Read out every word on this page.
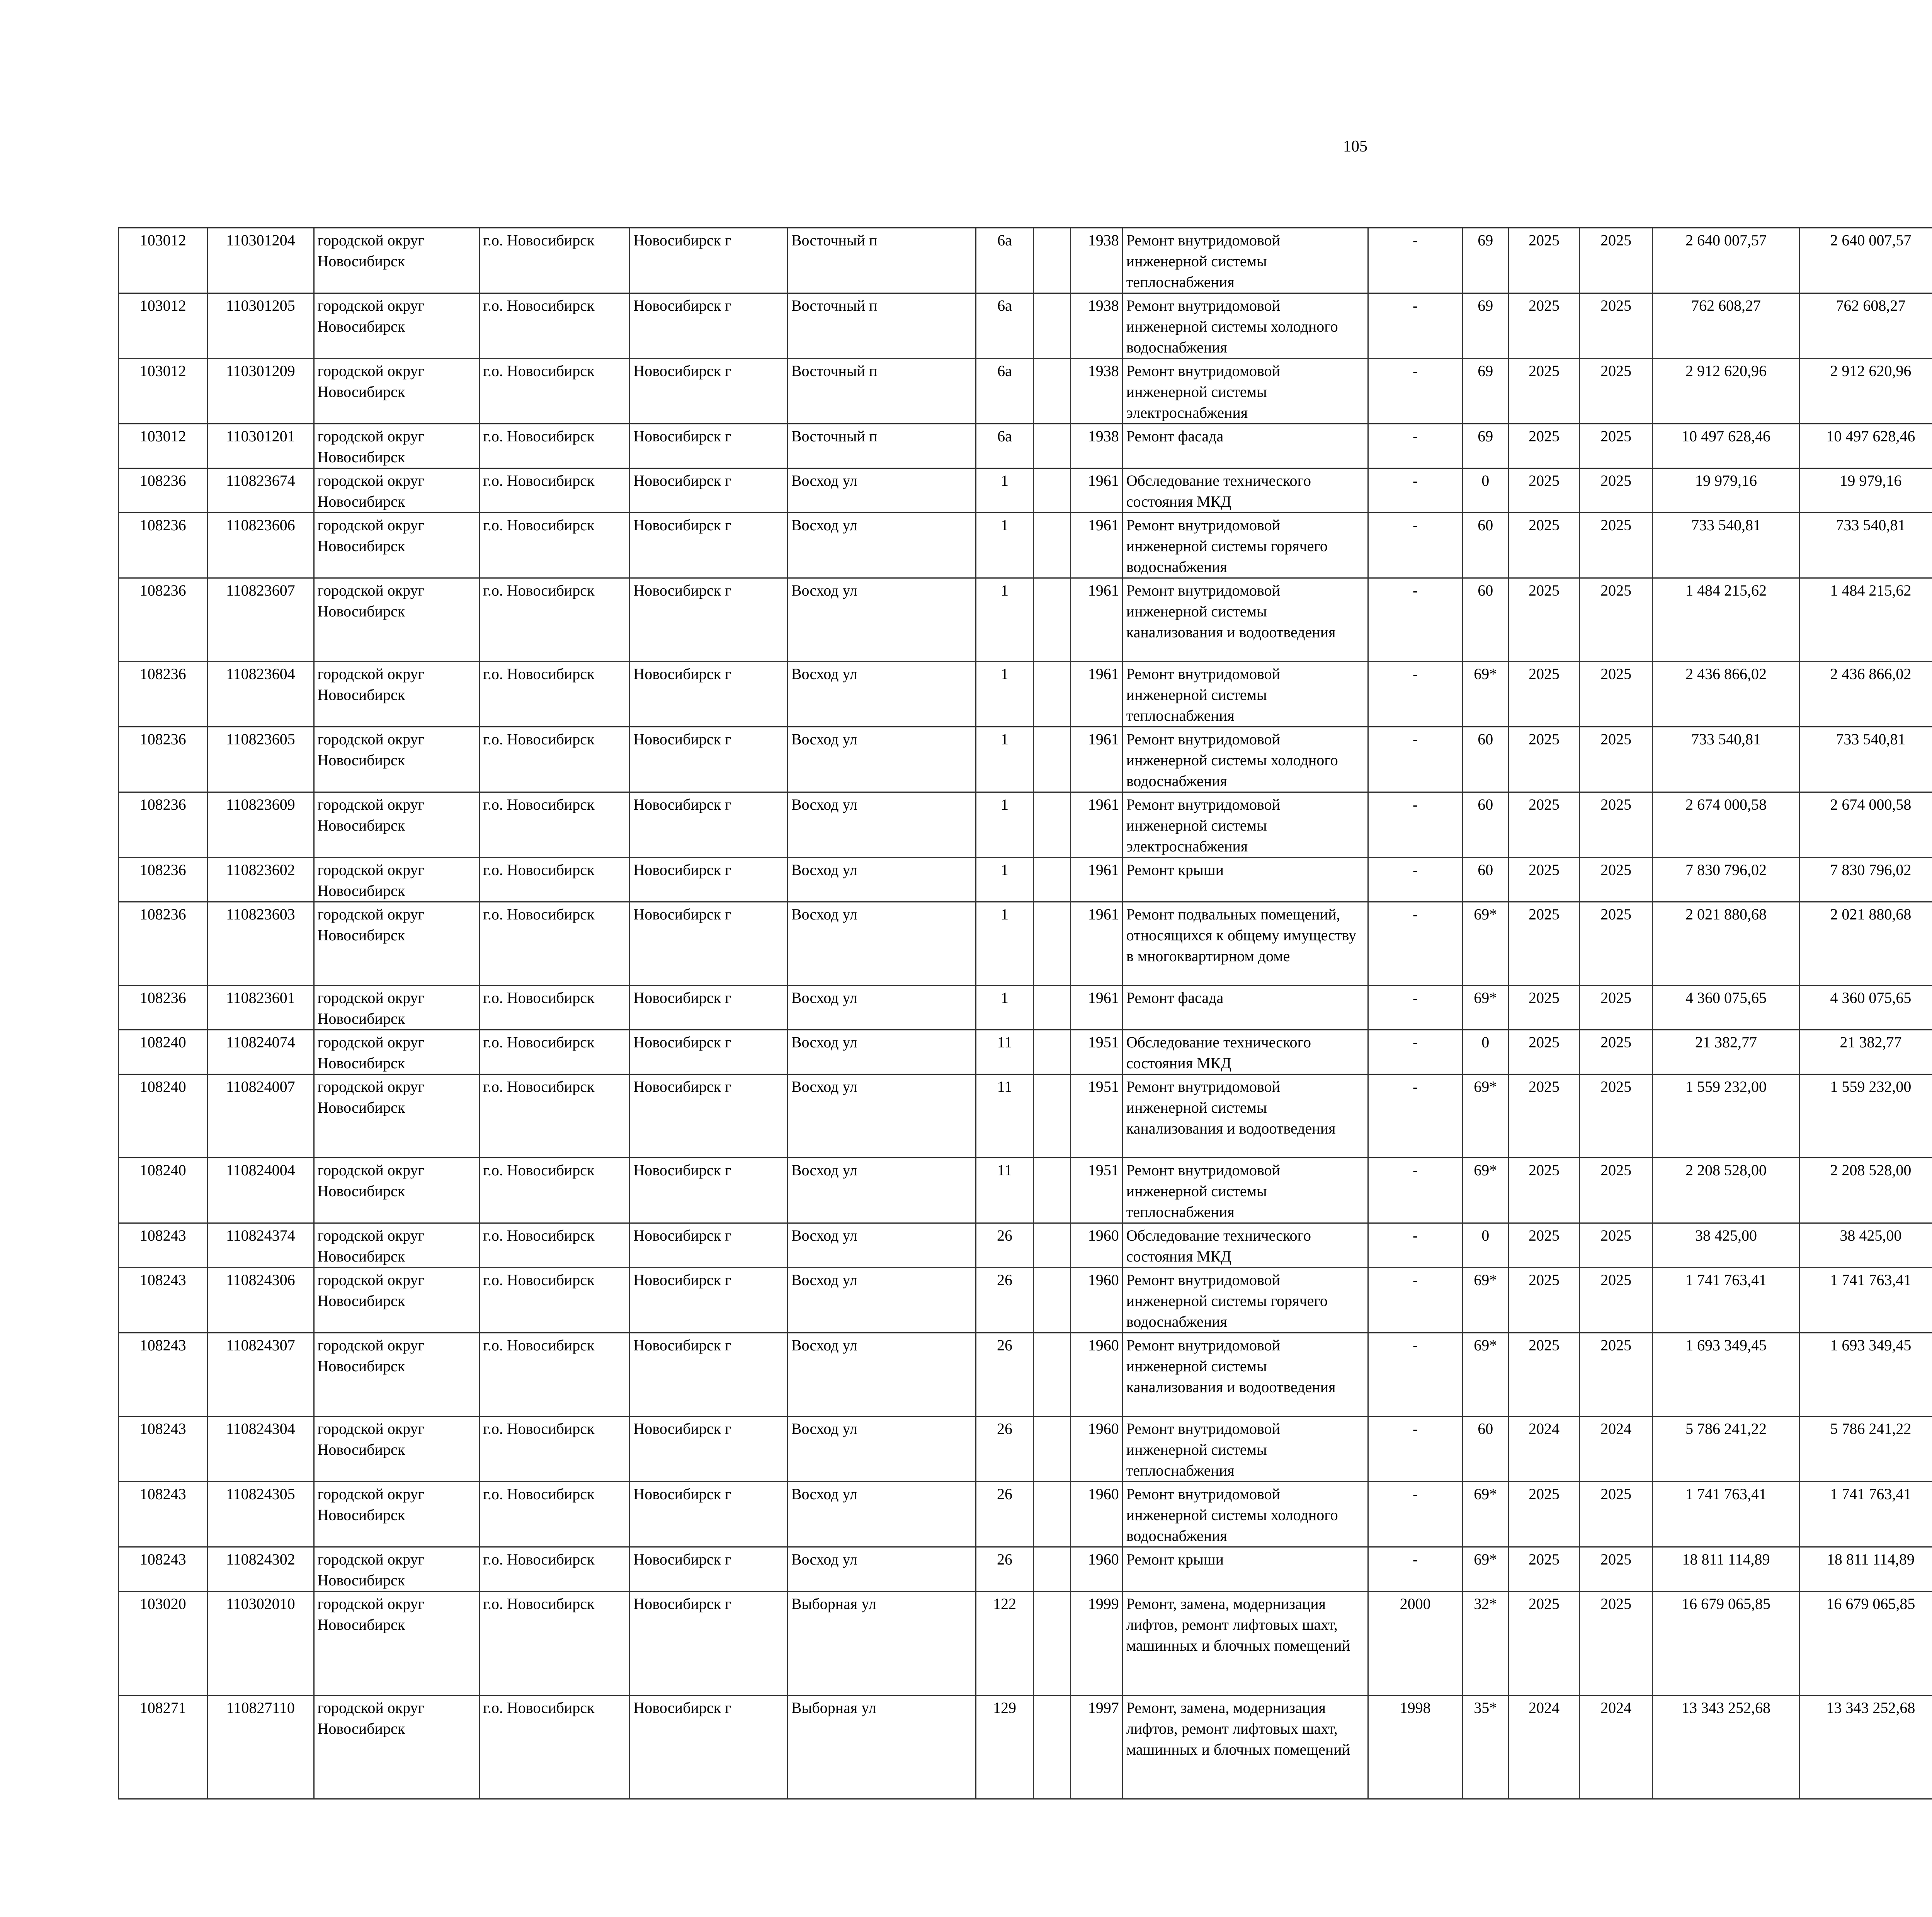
105
103012	110301204	городской округ Новосибирск	г.о. Новосибирск	Новосибирск г	Восточный п	6а		1938	Ремонт внутридомовой инженерной системы теплоснабжения	-	69	2025	2025	2 640 007,57	2 640 007,57						
103012	110301205	городской округ Новосибирск	г.о. Новосибирск	Новосибирск г	Восточный п	6а		1938	Ремонт внутридомовой инженерной системы холодного водоснабжения	-	69	2025	2025	762 608,27	762 608,27						
103012	110301209	городской округ Новосибирск	г.о. Новосибирск	Новосибирск г	Восточный п	6а		1938	Ремонт внутридомовой инженерной системы электроснабжения	-	69	2025	2025	2 912 620,96	2 912 620,96						
103012	110301201	городской округ Новосибирск	г.о. Новосибирск	Новосибирск г	Восточный п	6а		1938	Ремонт фасада	-	69	2025	2025	10 497 628,46	10 497 628,46						
108236	110823674	городской округ Новосибирск	г.о. Новосибирск	Новосибирск г	Восход ул	1		1961	Обследование технического состояния МКД	-	0	2025	2025	19 979,16	19 979,16						
108236	110823606	городской округ Новосибирск	г.о. Новосибирск	Новосибирск г	Восход ул	1		1961	Ремонт внутридомовой инженерной системы горячего водоснабжения	-	60	2025	2025	733 540,81	733 540,81						
108236	110823607	городской округ Новосибирск	г.о. Новосибирск	Новосибирск г	Восход ул	1		1961	Ремонт внутридомовой инженерной системы канализования и водоотведения	-	60	2025	2025	1 484 215,62	1 484 215,62						
108236	110823604	городской округ Новосибирск	г.о. Новосибирск	Новосибирск г	Восход ул	1		1961	Ремонт внутридомовой инженерной системы теплоснабжения	-	69*	2025	2025	2 436 866,02	2 436 866,02						
108236	110823605	городской округ Новосибирск	г.о. Новосибирск	Новосибирск г	Восход ул	1		1961	Ремонт внутридомовой инженерной системы холодного водоснабжения	-	60	2025	2025	733 540,81	733 540,81						
108236	110823609	городской округ Новосибирск	г.о. Новосибирск	Новосибирск г	Восход ул	1		1961	Ремонт внутридомовой инженерной системы электроснабжения	-	60	2025	2025	2 674 000,58	2 674 000,58						
108236	110823602	городской округ Новосибирск	г.о. Новосибирск	Новосибирск г	Восход ул	1		1961	Ремонт крыши	-	60	2025	2025	7 830 796,02	7 830 796,02						
108236	110823603	городской округ Новосибирск	г.о. Новосибирск	Новосибирск г	Восход ул	1		1961	Ремонт подвальных помещений, относящихся к общему имуществу в многоквартирном доме	-	69*	2025	2025	2 021 880,68	2 021 880,68						
108236	110823601	городской округ Новосибирск	г.о. Новосибирск	Новосибирск г	Восход ул	1		1961	Ремонт фасада	-	69*	2025	2025	4 360 075,65	4 360 075,65						
108240	110824074	городской округ Новосибирск	г.о. Новосибирск	Новосибирск г	Восход ул	11		1951	Обследование технического состояния МКД	-	0	2025	2025	21 382,77	21 382,77						
108240	110824007	городской округ Новосибирск	г.о. Новосибирск	Новосибирск г	Восход ул	11		1951	Ремонт внутридомовой инженерной системы канализования и водоотведения	-	69*	2025	2025	1 559 232,00	1 559 232,00						
108240	110824004	городской округ Новосибирск	г.о. Новосибирск	Новосибирск г	Восход ул	11		1951	Ремонт внутридомовой инженерной системы теплоснабжения	-	69*	2025	2025	2 208 528,00	2 208 528,00						
108243	110824374	городской округ Новосибирск	г.о. Новосибирск	Новосибирск г	Восход ул	26		1960	Обследование технического состояния МКД	-	0	2025	2025	38 425,00	38 425,00						
108243	110824306	городской округ Новосибирск	г.о. Новосибирск	Новосибирск г	Восход ул	26		1960	Ремонт внутридомовой инженерной системы горячего водоснабжения	-	69*	2025	2025	1 741 763,41	1 741 763,41						
108243	110824307	городской округ Новосибирск	г.о. Новосибирск	Новосибирск г	Восход ул	26		1960	Ремонт внутридомовой инженерной системы канализования и водоотведения	-	69*	2025	2025	1 693 349,45	1 693 349,45						
108243	110824304	городской округ Новосибирск	г.о. Новосибирск	Новосибирск г	Восход ул	26		1960	Ремонт внутридомовой инженерной системы теплоснабжения	-	60	2024	2024	5 786 241,22	5 786 241,22						
108243	110824305	городской округ Новосибирск	г.о. Новосибирск	Новосибирск г	Восход ул	26		1960	Ремонт внутридомовой инженерной системы холодного водоснабжения	-	69*	2025	2025	1 741 763,41	1 741 763,41						
108243	110824302	городской округ Новосибирск	г.о. Новосибирск	Новосибирск г	Восход ул	26		1960	Ремонт крыши	-	69*	2025	2025	18 811 114,89	18 811 114,89						
103020	110302010	городской округ Новосибирск	г.о. Новосибирск	Новосибирск г	Выборная ул	122		1999	Ремонт, замена, модернизация лифтов, ремонт лифтовых шахт, машинных и блочных помещений	2000	32*	2025	2025	16 679 065,85	16 679 065,85						
108271	110827110	городской округ Новосибирск	г.о. Новосибирск	Новосибирск г	Выборная ул	129		1997	Ремонт, замена, модернизация лифтов, ремонт лифтовых шахт, машинных и блочных помещений	1998	35*	2024	2024	13 343 252,68	13 343 252,68						
